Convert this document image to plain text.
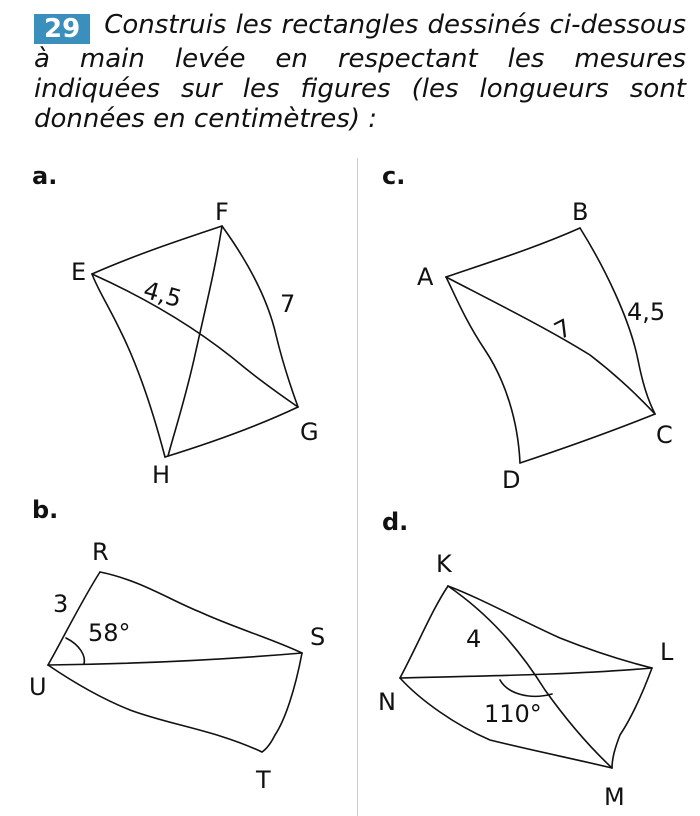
29 Construis les rectangles dessinés ci-dessous à main levée en respectant les mesures indiquées sur les figures (les longueurs sont données en centimètres) :

a.	c.
b.	d.
E
F
G
H
4,5	7
A
B
C
D
7
4,5
R
S
T
U
3
58°
K
L
M
N
4
110°
